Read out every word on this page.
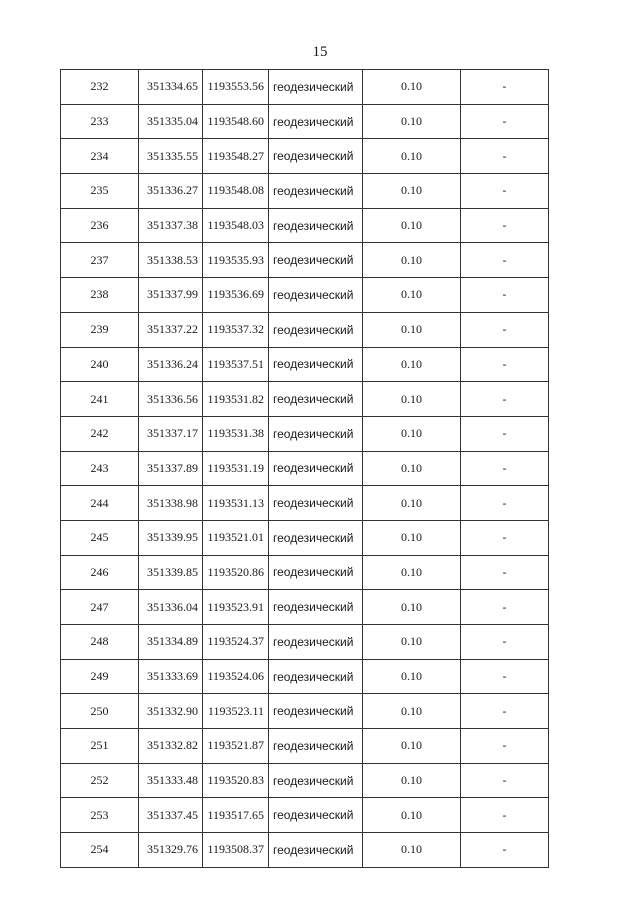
15
232	351334.65	1193553.56	геодезический	0.10	-
233	351335.04	1193548.60	геодезический	0.10	-
234	351335.55	1193548.27	геодезический	0.10	-
235	351336.27	1193548.08	геодезический	0.10	-
236	351337.38	1193548.03	геодезический	0.10	-
237	351338.53	1193535.93	геодезический	0.10	-
238	351337.99	1193536.69	геодезический	0.10	-
239	351337.22	1193537.32	геодезический	0.10	-
240	351336.24	1193537.51	геодезический	0.10	-
241	351336.56	1193531.82	геодезический	0.10	-
242	351337.17	1193531.38	геодезический	0.10	-
243	351337.89	1193531.19	геодезический	0.10	-
244	351338.98	1193531.13	геодезический	0.10	-
245	351339.95	1193521.01	геодезический	0.10	-
246	351339.85	1193520.86	геодезический	0.10	-
247	351336.04	1193523.91	геодезический	0.10	-
248	351334.89	1193524.37	геодезический	0.10	-
249	351333.69	1193524.06	геодезический	0.10	-
250	351332.90	1193523.11	геодезический	0.10	-
251	351332.82	1193521.87	геодезический	0.10	-
252	351333.48	1193520.83	геодезический	0.10	-
253	351337.45	1193517.65	геодезический	0.10	-
254	351329.76	1193508.37	геодезический	0.10	-
